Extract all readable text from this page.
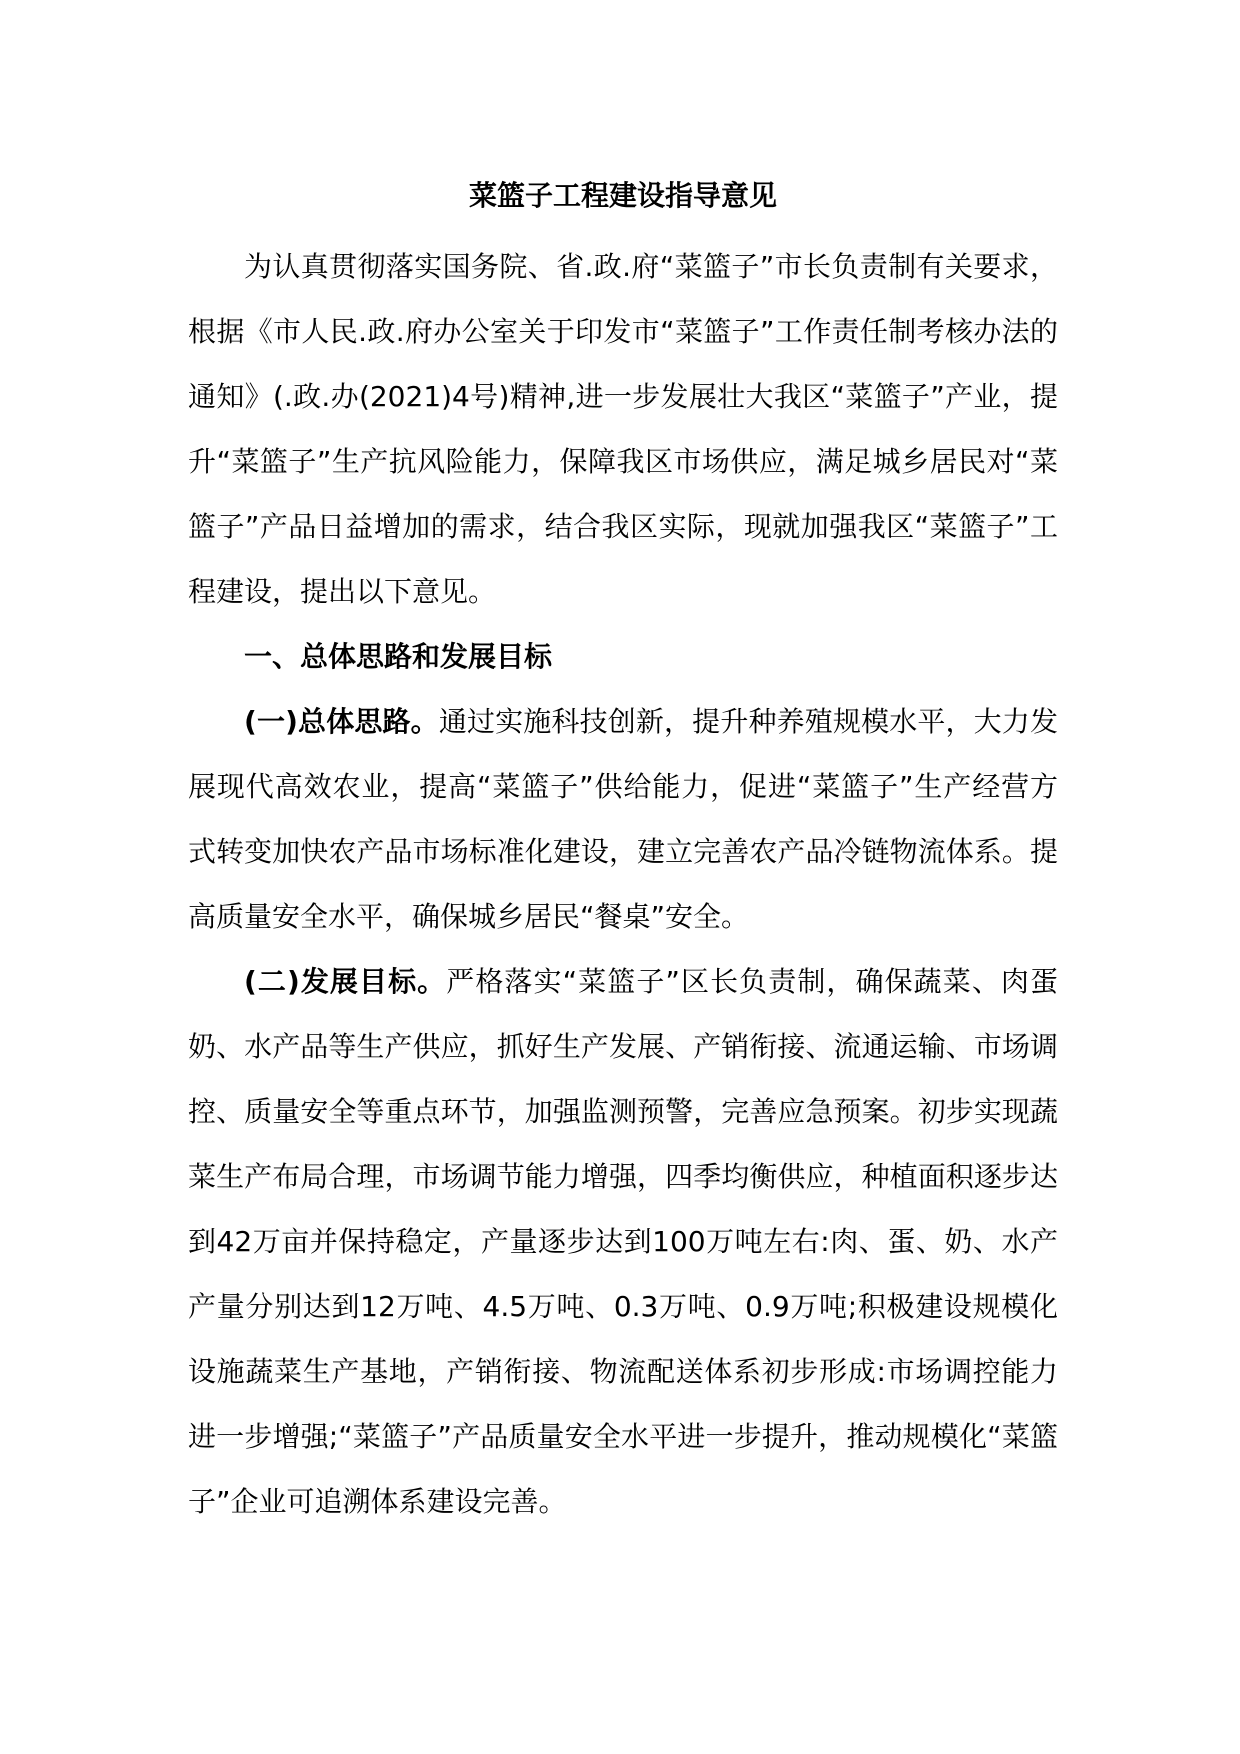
菜篮子工程建设指导意见

为认真贯彻落实国务院、省.政.府“菜篮子”市长负责制有关要求，根据《市人民.政.府办公室关于印发市“菜篮子”工作责任制考核办法的通知》(.政.办(2021)4号)精神,进一步发展壮大我区“菜篮子”产业，提升“菜篮子”生产抗风险能力，保障我区市场供应，满足城乡居民对“菜篮子”产品日益增加的需求，结合我区实际，现就加强我区“菜篮子”工程建设，提出以下意见。

一、总体思路和发展目标

(一)总体思路。通过实施科技创新，提升种养殖规模水平，大力发展现代高效农业，提高“菜篮子”供给能力，促进“菜篮子”生产经营方式转变加快农产品市场标准化建设，建立完善农产品冷链物流体系。提高质量安全水平，确保城乡居民“餐桌”安全。

(二)发展目标。严格落实“菜篮子”区长负责制，确保蔬菜、肉蛋奶、水产品等生产供应，抓好生产发展、产销衔接、流通运输、市场调控、质量安全等重点环节，加强监测预警，完善应急预案。初步实现蔬菜生产布局合理，市场调节能力增强，四季均衡供应，种植面积逐步达到42万亩并保持稳定，产量逐步达到100万吨左右:肉、蛋、奶、水产产量分别达到12万吨、4.5万吨、0.3万吨、0.9万吨;积极建设规模化设施蔬菜生产基地，产销衔接、物流配送体系初步形成:市场调控能力进一步增强;“菜篮子”产品质量安全水平进一步提升，推动规模化“菜篮子”企业可追溯体系建设完善。
